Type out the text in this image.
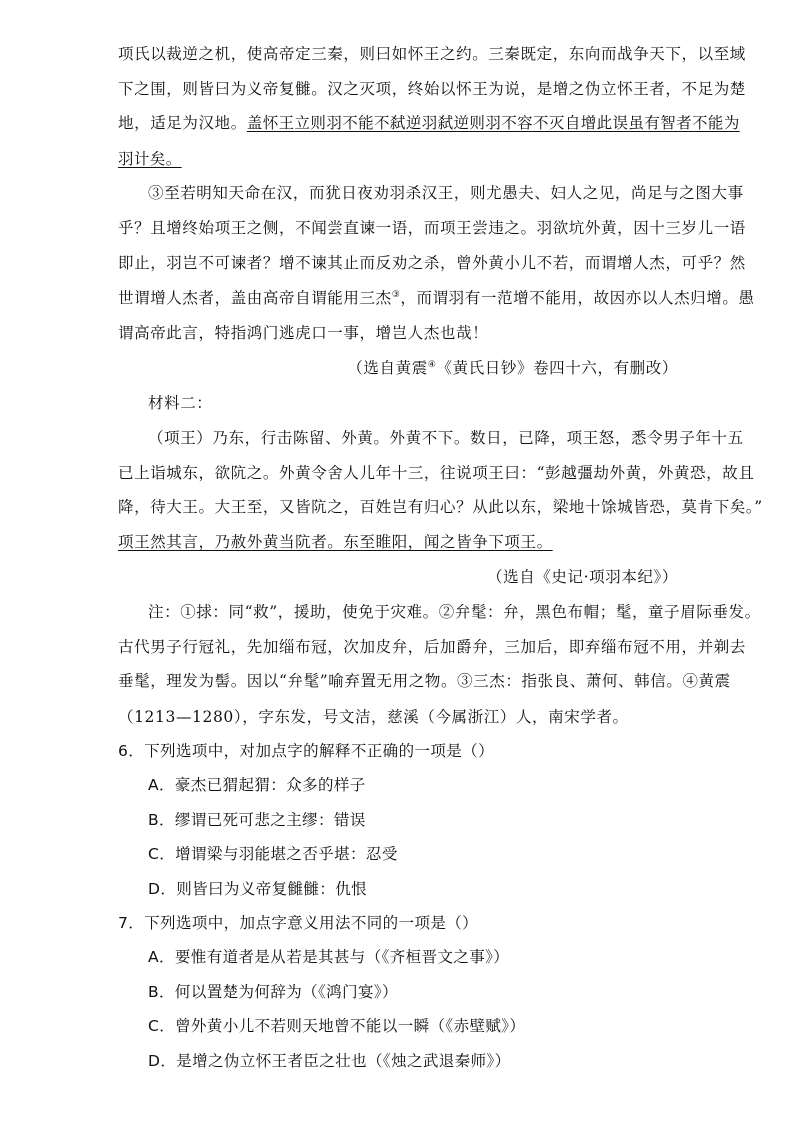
项氏以裁逆之机，使高帝定三秦，则曰如怀王之约。三秦既定，东向而战争天下，以至域
下之围，则皆曰为义帝复雠。汉之灭项，终始以怀王为说，是增之伪立怀王者，不足为楚
地，适足为汉地。盖怀王立则羽不能不弑逆羽弑逆则羽不容不灭自增此误虽有智者不能为
羽计矣。
③至若明知天命在汉，而犹日夜劝羽杀汉王，则尤愚夫、妇人之见，尚足与之图大事
乎？且增终始项王之侧，不闻尝直谏一语，而项王尝违之。羽欲坑外黄，因十三岁儿一语
即止，羽岂不可谏者？增不谏其止而反劝之杀，曾外黄小儿不若，而谓增人杰，可乎？然
世谓增人杰者，盖由高帝自谓能用三杰③，而谓羽有一范增不能用，故因亦以人杰归增。愚
谓高帝此言，特指鸿门逃虎口一事，增岂人杰也哉！
（选自黄震④《黄氏日钞》卷四十六，有删改）
材料二：
（项王）乃东，行击陈留、外黄。外黄不下。数日，已降，项王怒，悉令男子年十五
已上诣城东，欲阬之。外黄令舍人儿年十三，往说项王曰：“彭越彊劫外黄，外黄恐，故且
降，待大王。大王至，又皆阬之，百姓岂有归心？从此以东，梁地十馀城皆恐，莫肯下矣。”
项王然其言，乃赦外黄当阬者。东至睢阳，闻之皆争下项王。
（选自《史记·项羽本纪》）
注：①捄：同“救”，援助，使免于灾难。②弁髦：弁，黑色布帽；髦，童子眉际垂发。
古代男子行冠礼，先加缁布冠，次加皮弁，后加爵弁，三加后，即弃缁布冠不用，并剃去
垂髦，理发为髻。因以“弁髦”喻弃置无用之物。③三杰：指张良、萧何、韩信。④黄震
（1213—1280），字东发，号文洁，慈溪（今属浙江）人，南宋学者。
6．下列选项中，对加点字的解释不正确的一项是（）
A．豪杰已猬起猬：众多的样子
B．缪谓已死可悲之主缪：错误
C．增谓梁与羽能堪之否乎堪：忍受
D．则皆曰为义帝复雠雠：仇恨
7．下列选项中，加点字意义用法不同的一项是（）
A．要惟有道者是从若是其甚与（《齐桓晋文之事》）
B．何以置楚为何辞为（《鸿门宴》）
C．曾外黄小儿不若则天地曾不能以一瞬（《赤壁赋》）
D．是增之伪立怀王者臣之壮也（《烛之武退秦师》）
